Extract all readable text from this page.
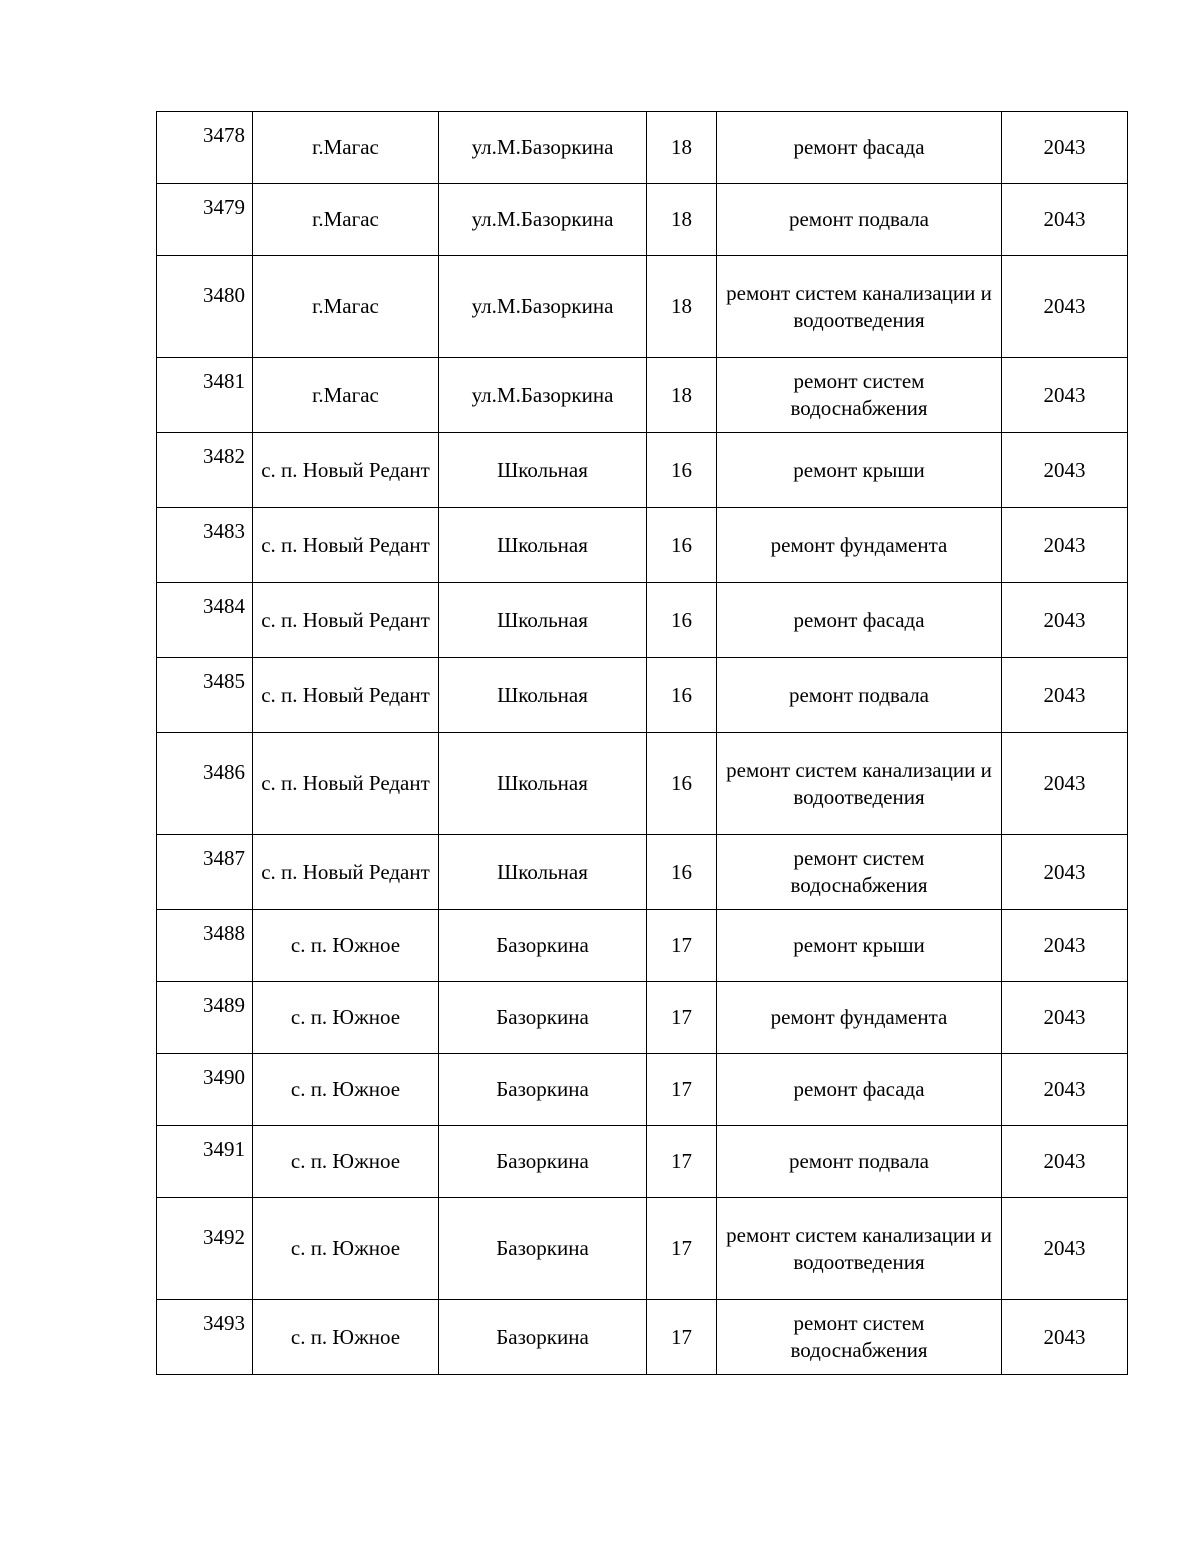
3478	г.Магас	ул.М.Базоркина	18	ремонт фасада	2043
3479	г.Магас	ул.М.Базоркина	18	ремонт подвала	2043
3480	г.Магас	ул.М.Базоркина	18	ремонт систем канализации и водоотведения	2043
3481	г.Магас	ул.М.Базоркина	18	ремонт систем водоснабжения	2043
3482	с. п. Новый Редант	Школьная	16	ремонт крыши	2043
3483	с. п. Новый Редант	Школьная	16	ремонт фундамента	2043
3484	с. п. Новый Редант	Школьная	16	ремонт фасада	2043
3485	с. п. Новый Редант	Школьная	16	ремонт подвала	2043
3486	с. п. Новый Редант	Школьная	16	ремонт систем канализации и водоотведения	2043
3487	с. п. Новый Редант	Школьная	16	ремонт систем водоснабжения	2043
3488	с. п. Южное	Базоркина	17	ремонт крыши	2043
3489	с. п. Южное	Базоркина	17	ремонт фундамента	2043
3490	с. п. Южное	Базоркина	17	ремонт фасада	2043
3491	с. п. Южное	Базоркина	17	ремонт подвала	2043
3492	с. п. Южное	Базоркина	17	ремонт систем канализации и водоотведения	2043
3493	с. п. Южное	Базоркина	17	ремонт систем водоснабжения	2043
